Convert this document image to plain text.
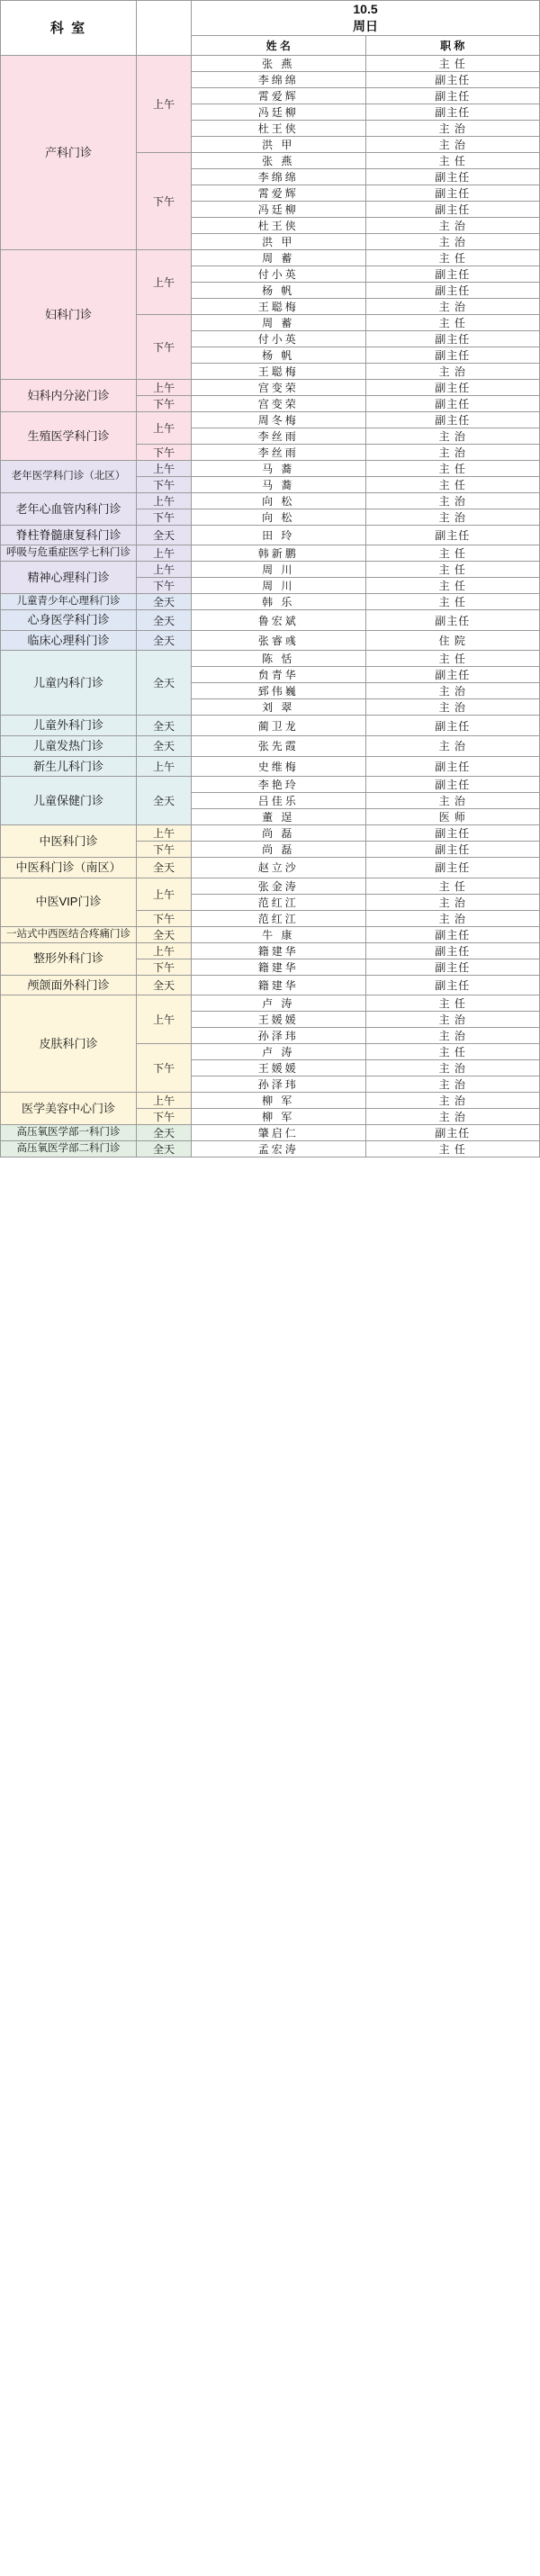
科 室		10.5
周日	

		姓 名	职 称
产科门诊	上午	张 燕	主 任
		李绵绵	副主任
		霄爱辉	副主任
		冯廷柳	副主任
		杜王侠	主 治
		洪 甲	主 治
	下午	张 燕	主 任
		李绵绵	副主任
		霄爱辉	副主任
		冯廷柳	副主任
		杜王侠	主 治
		洪 甲	主 治
妇科门诊	上午	周 蓄	主 任
		付小英	副主任
		杨 帆	副主任
		王聪梅	主 治
	下午	周 蓄	主 任
		付小英	副主任
		杨 帆	副主任
		王聪梅	主 治
妇科内分泌门诊	上午	宫变荣	副主任
	下午	宫变荣	副主任
生殖医学科门诊	上午	周冬梅	副主任
		李丝雨	主 治
	下午	李丝雨	主 治
老年医学科门诊（北区）	上午	马 蕎	主 任
	下午	马 蕎	主 任
老年心血管内科门诊	上午	向 松	主 治
	下午	向 松	主 治
脊柱脊髓康复科门诊	全天	田 玲	副主任
呼吸与危重症医学七科门诊	上午	韩新鹏	主 任
精神心理科门诊	上午	周 川	主 任
	下午	周 川	主 任
儿童青少年心理科门诊	全天	韩 乐	主 任
心身医学科门诊	全天	鲁宏斌	副主任
临床心理科门诊	全天	张睿彧	住 院
儿童内科门诊	全天	陈 恬	主 任
		贠青华	副主任
		郅伟巍	主 治
		刘 翠	主 治
儿童外科门诊	全天	蔺卫龙	副主任
儿童发热门诊	全天	张先霞	主 治
新生儿科门诊	上午	史维梅	副主任
儿童保健门诊	全天	李艳玲	副主任
		吕佳乐	主 治
		董 逞	医 师
中医科门诊	上午	尚 磊	副主任
	下午	尚 磊	副主任
中医科门诊（南区）	全天	赵立沙	副主任
中医VIP门诊	上午	张金涛	主 任
		范红江	主 治
	下午	范红江	主 治
一站式中西医结合疼痛门诊	全天	牛 康	副主任
整形外科门诊	上午	籍建华	副主任
	下午	籍建华	副主任
颅颌面外科门诊	全天	籍建华	副主任
皮肤科门诊	上午	卢 涛	主 任
		王媛媛	主 治
		孙泽玮	主 治
	下午	卢 涛	主 任
		王媛媛	主 治
		孙泽玮	主 治
医学美容中心门诊	上午	柳 军	主 治
	下午	柳 军	主 治
高压氧医学部一科门诊	全天	肇启仁	副主任
高压氧医学部二科门诊	全天	孟宏涛	主 任
